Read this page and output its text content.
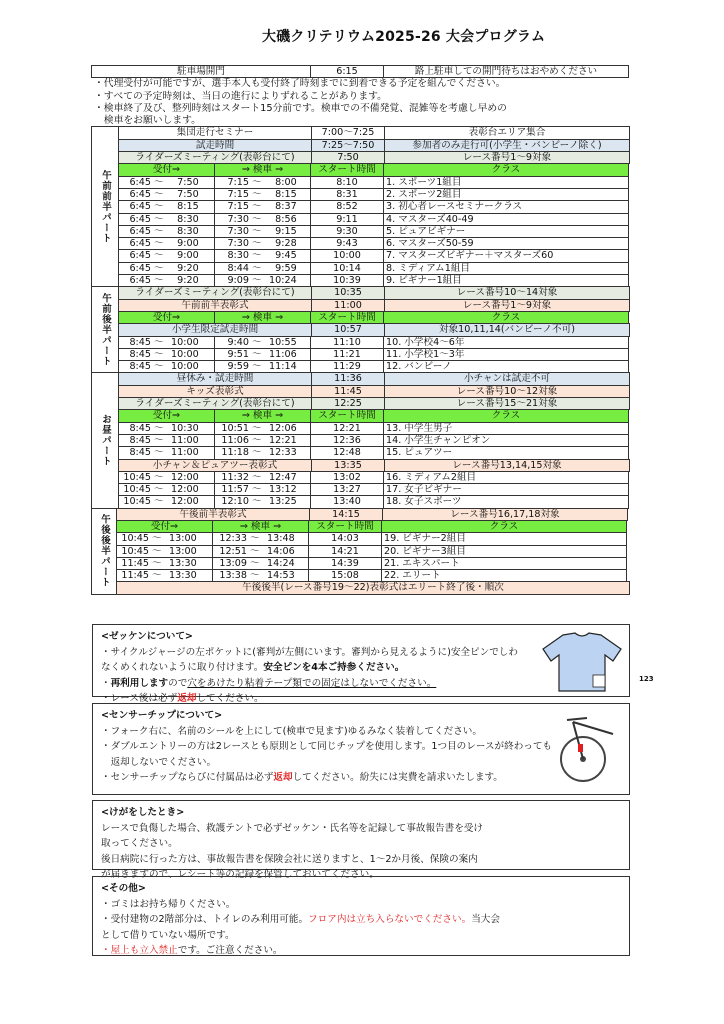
大磯クリテリウム2025-26 大会プログラム
駐車場開門	6:15	路上駐車しての開門待ちはおやめください
・代理受付が可能ですが、選手本人も受付終了時刻までに到着できる予定を組んでください。
・すべての予定時刻は、当日の進行によりずれることがあります。
・検車終了及び、整列時刻はスタート15分前です。検車での不備発覚、混雑等を考慮し早めの
　検車をお願いします。
午前前半パート
集団走行セミナー	7:00〜7:25	表彰台エリア集合
試走時間	7:25〜7:50	参加者のみ走行可(小学生・バンビーノ除く)
ライダーズミーティング(表彰台にて)	7:50	レース番号1〜9対象
受付⇒	⇒ 検車 ⇒	スタート時間	クラス
6:45 〜 7:50	7:15 〜 8:00	8:10	1. スポーツ1組目
6:45 〜 7:50	7:15 〜 8:15	8:31	2. スポーツ2組目
6:45 〜 8:15	7:15 〜 8:37	8:52	3. 初心者レースセミナークラス
6:45 〜 8:30	7:30 〜 8:56	9:11	4. マスターズ40-49
6:45 〜 8:30	7:30 〜 9:15	9:30	5. ピュアビギナー
6:45 〜 9:00	7:30 〜 9:28	9:43	6. マスターズ50-59
6:45 〜 9:00	8:30 〜 9:45	10:00	7. マスターズビギナー＋マスターズ60
6:45 〜 9:20	8:44 〜 9:59	10:14	8. ミディアム1組目
6:45 〜 9:20	9:09 〜 10:24	10:39	9. ビギナー1組目
午前後半パート
ライダーズミーティング(表彰台にて)	10:35	レース番号10〜14対象
午前前半表彰式	11:00	レース番号1〜9対象
受付⇒	⇒ 検車 ⇒	スタート時間	クラス
小学生限定試走時間	10:57	対象10,11,14(バンビーノ不可)
8:45 〜 10:00	9:40 〜 10:55	11:10	10. 小学校4〜6年
8:45 〜 10:00	9:51 〜 11:06	11:21	11. 小学校1〜3年
8:45 〜 10:00	9:59 〜 11:14	11:29	12. バンビーノ
お昼パート
昼休み・試走時間	11:36	小チャンは試走不可
キッズ表彰式	11:45	レース番号10〜12対象
ライダーズミーティング(表彰台にて)	12:25	レース番号15〜21対象
受付⇒	⇒ 検車 ⇒	スタート時間	クラス
8:45 〜 10:30	10:51 〜 12:06	12:21	13. 中学生男子
8:45 〜 11:00	11:06 〜 12:21	12:36	14. 小学生チャンピオン
8:45 〜 11:00	11:18 〜 12:33	12:48	15. ピュアツー
小チャン＆ピュアツー表彰式	13:35	レース番号13,14,15対象
10:45 〜 12:00	11:32 〜 12:47	13:02	16. ミディアム2組目
10:45 〜 12:00	11:57 〜 13:12	13:27	17. 女子ビギナー
10:45 〜 12:00	12:10 〜 13:25	13:40	18. 女子スポーツ
午後後半パート
午後前半表彰式	14:15	レース番号16,17,18対象
受付⇒	⇒ 検車 ⇒	スタート時間	クラス
10:45 〜 13:00	12:33 〜 13:48	14:03	19. ビギナー2組目
10:45 〜 13:00	12:51 〜 14:06	14:21	20. ビギナー3組目
11:45 〜 13:30	13:09 〜 14:24	14:39	21. エキスパート
11:45 〜 13:30	13:38 〜 14:53	15:08	22. エリート
午後後半(レース番号19〜22)表彰式はエリート終了後・順次
<ゼッケンについて>
・サイクルジャージの左ポケットに(審判が左側にいます。審判から見えるように)安全ピンでしわ
なくめくれないように取り付けます。安全ピンを4本ご持参ください。
・再利用しますので穴をあけたり粘着テープ類での固定はしないでください。
・レース後は必ず返却してください。
123
<センサーチップについて>
・フォーク右に、名前のシールを上にして(検車で見ます)ゆるみなく装着してください。
・ダブルエントリーの方は2レースとも原則として同じチップを使用します。1つ目のレースが終わっても
　返却しないでください。
・センサーチップならびに付属品は必ず返却してください。紛失には実費を請求いたします。
<けがをしたとき>
レースで負傷した場合、救護テントで必ずゼッケン・氏名等を記録して事故報告書を受け
取ってください。
後日病院に行った方は、事故報告書を保険会社に送りますと、1〜2か月後、保険の案内
が届きますので、レシート等の記録を保管しておいてください。
<その他>
・ゴミはお持ち帰りください。
・受付建物の2階部分は、トイレのみ利用可能。フロア内は立ち入らないでください。当大会
として借りていない場所です。
・屋上も立入禁止です。ご注意ください。
